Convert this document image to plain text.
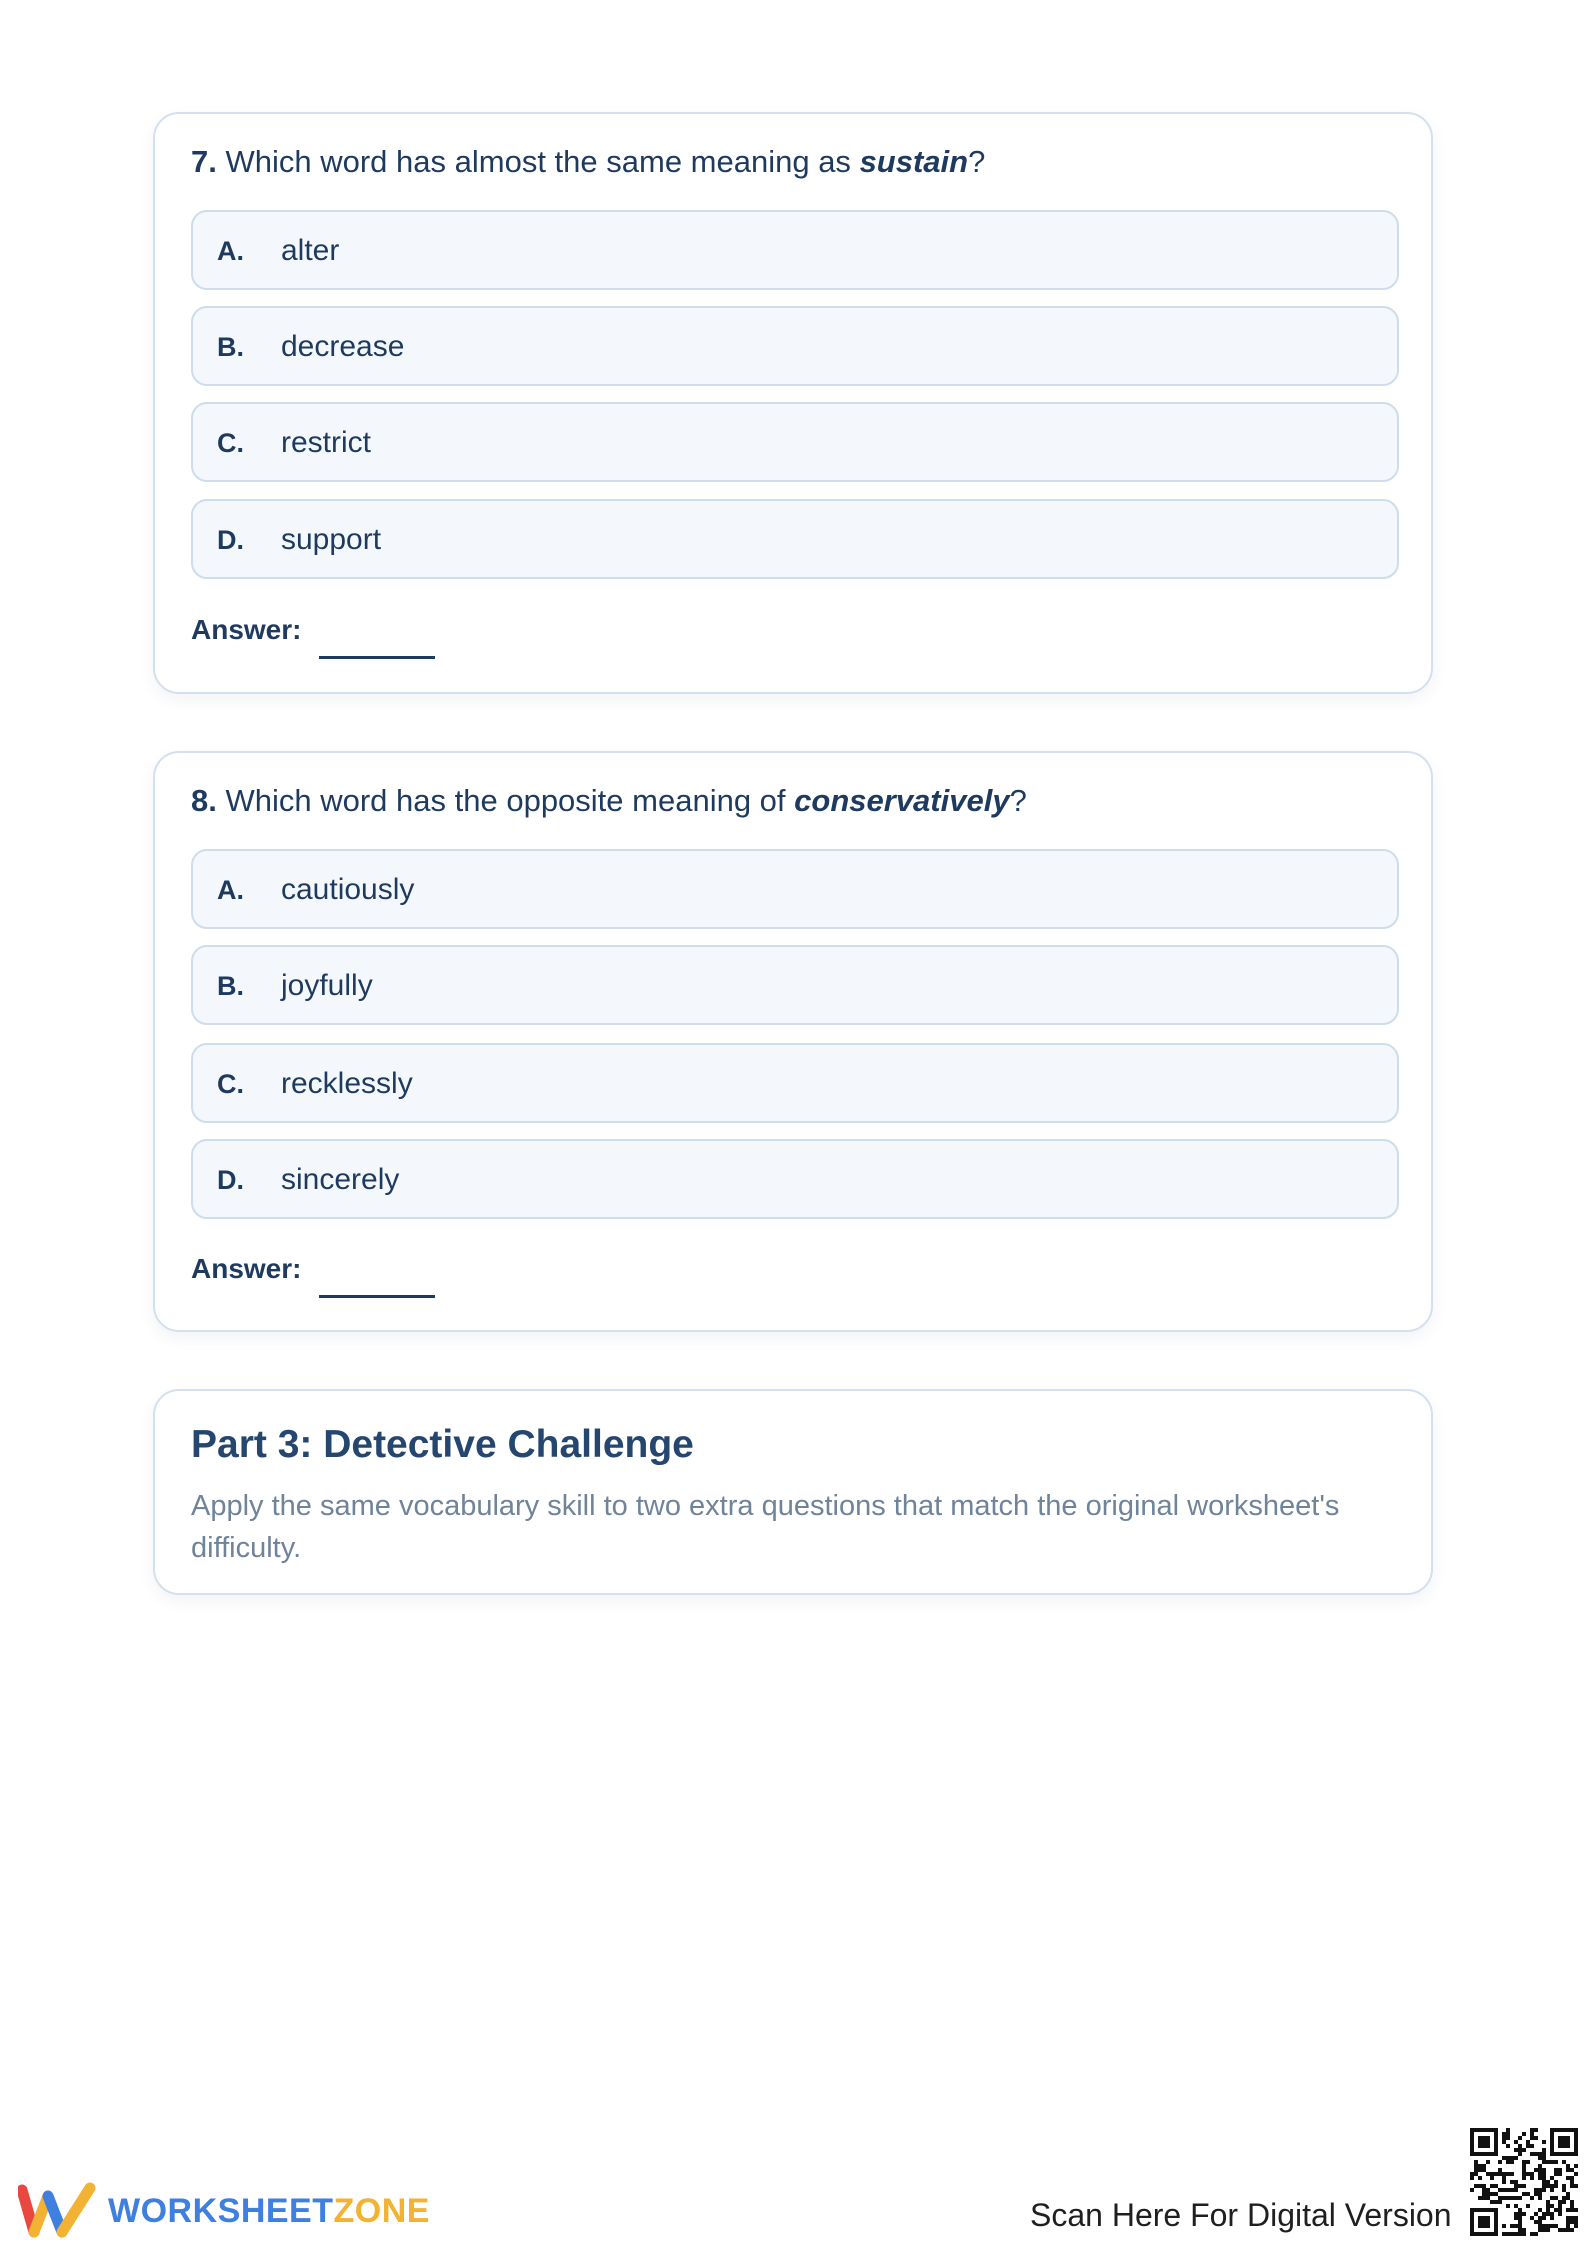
7. Which word has almost the same meaning as sustain?
A. alter
B. decrease
C. restrict
D. support
Answer:
8. Which word has the opposite meaning of conservatively?
A. cautiously
B. joyfully
C. recklessly
D. sincerely
Answer:
Part 3: Detective Challenge
Apply the same vocabulary skill to two extra questions that match the original worksheet's difficulty.
WORKSHEETZONE	Scan Here For Digital Version
